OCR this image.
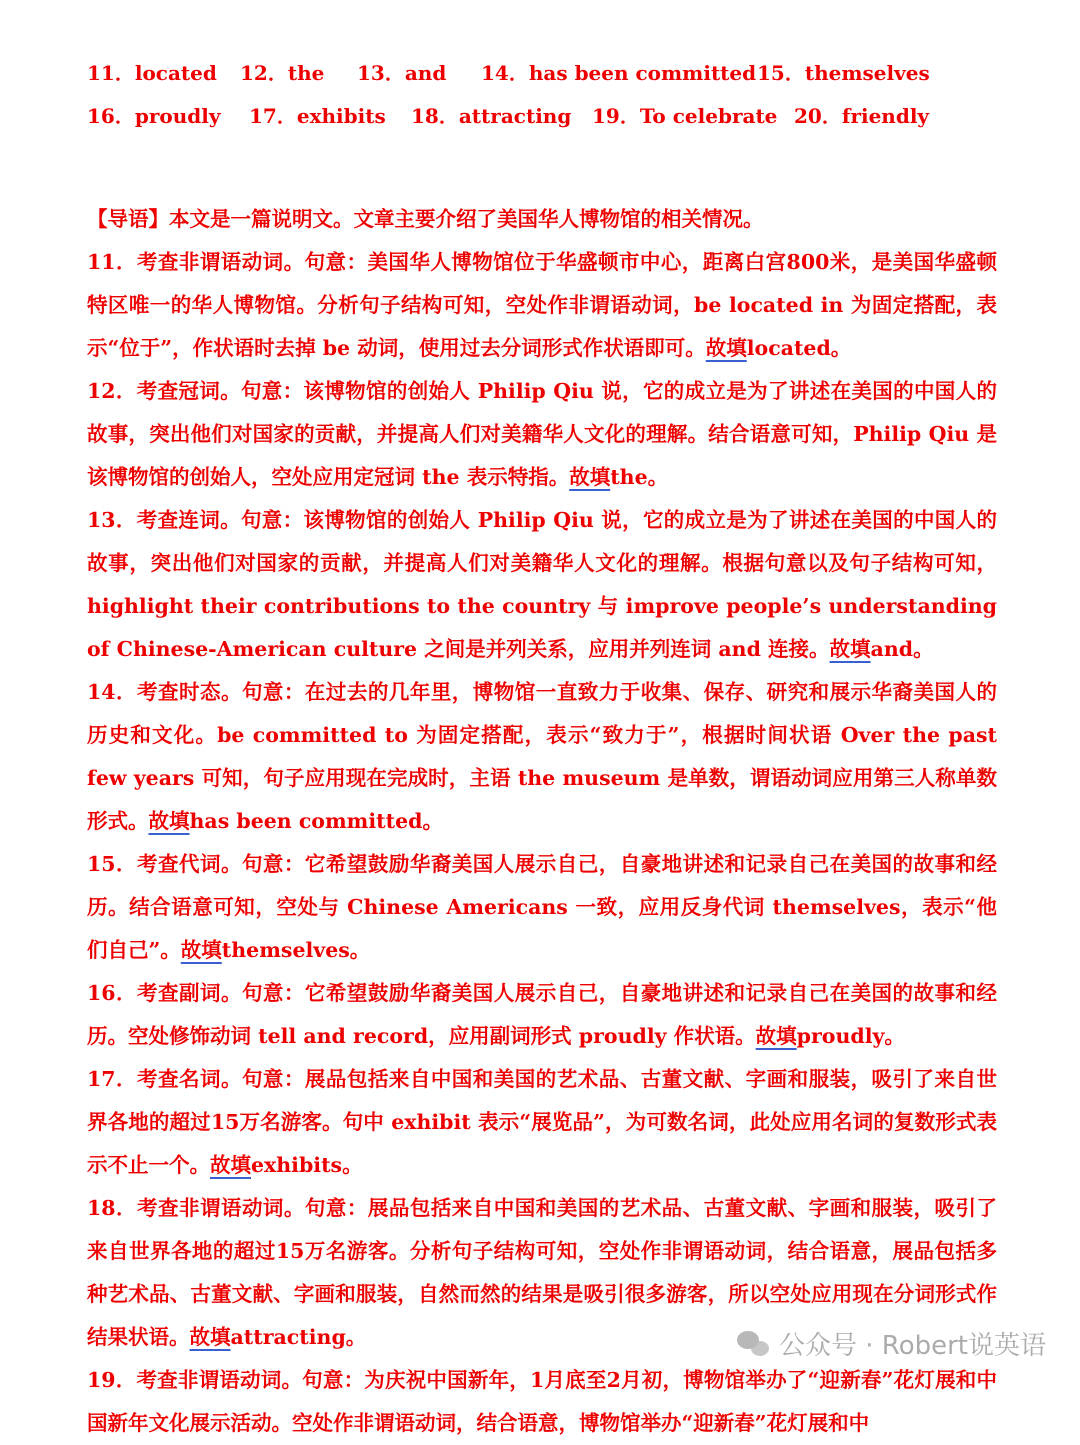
11．located	12．the	13．and	14．has been committed 15．themselves
16．proudly	17．exhibits	18．attracting	19．To celebrate 20．friendly

【导语】本文是一篇说明文。文章主要介绍了美国华人博物馆的相关情况。

11．考查非谓语动词。句意：美国华人博物馆位于华盛顿市中心，距离白宫800米，是美国华盛顿特区唯一的华人博物馆。分析句子结构可知，空处作非谓语动词，be located in 为固定搭配，表示“位于”，作状语时去掉 be 动词，使用过去分词形式作状语即可。故填located。

12．考查冠词。句意：该博物馆的创始人 Philip Qiu 说，它的成立是为了讲述在美国的中国人的故事，突出他们对国家的贡献，并提高人们对美籍华人文化的理解。结合语意可知，Philip Qiu 是该博物馆的创始人，空处应用定冠词 the 表示特指。故填the。

13．考查连词。句意：该博物馆的创始人 Philip Qiu 说，它的成立是为了讲述在美国的中国人的故事，突出他们对国家的贡献，并提高人们对美籍华人文化的理解。根据句意以及句子结构可知，highlight their contributions to the country 与 improve people’s understanding of Chinese-American culture 之间是并列关系，应用并列连词 and 连接。故填and。

14．考查时态。句意：在过去的几年里，博物馆一直致力于收集、保存、研究和展示华裔美国人的历史和文化。be committed to 为固定搭配，表示“致力于”，根据时间状语 Over the past few years 可知，句子应用现在完成时，主语 the museum 是单数，谓语动词应用第三人称单数形式。故填has been committed。

15．考查代词。句意：它希望鼓励华裔美国人展示自己，自豪地讲述和记录自己在美国的故事和经历。结合语意可知，空处与 Chinese Americans 一致，应用反身代词 themselves，表示“他们自己”。故填themselves。

16．考查副词。句意：它希望鼓励华裔美国人展示自己，自豪地讲述和记录自己在美国的故事和经历。空处修饰动词 tell and record，应用副词形式 proudly 作状语。故填proudly。

17．考查名词。句意：展品包括来自中国和美国的艺术品、古董文献、字画和服装，吸引了来自世界各地的超过15万名游客。句中 exhibit 表示“展览品”，为可数名词，此处应用名词的复数形式表示不止一个。故填exhibits。

18．考查非谓语动词。句意：展品包括来自中国和美国的艺术品、古董文献、字画和服装，吸引了来自世界各地的超过15万名游客。分析句子结构可知，空处作非谓语动词，结合语意，展品包括多种艺术品、古董文献、字画和服装，自然而然的结果是吸引很多游客，所以空处应用现在分词形式作结果状语。故填attracting。

19．考查非谓语动词。句意：为庆祝中国新年，1月底至2月初，博物馆举办了“迎新春”花灯展和中国新年文化展示活动。空处作非谓语动词，结合语意，博物馆举办“迎新春”花灯展和中

公众号 · Robert说英语
